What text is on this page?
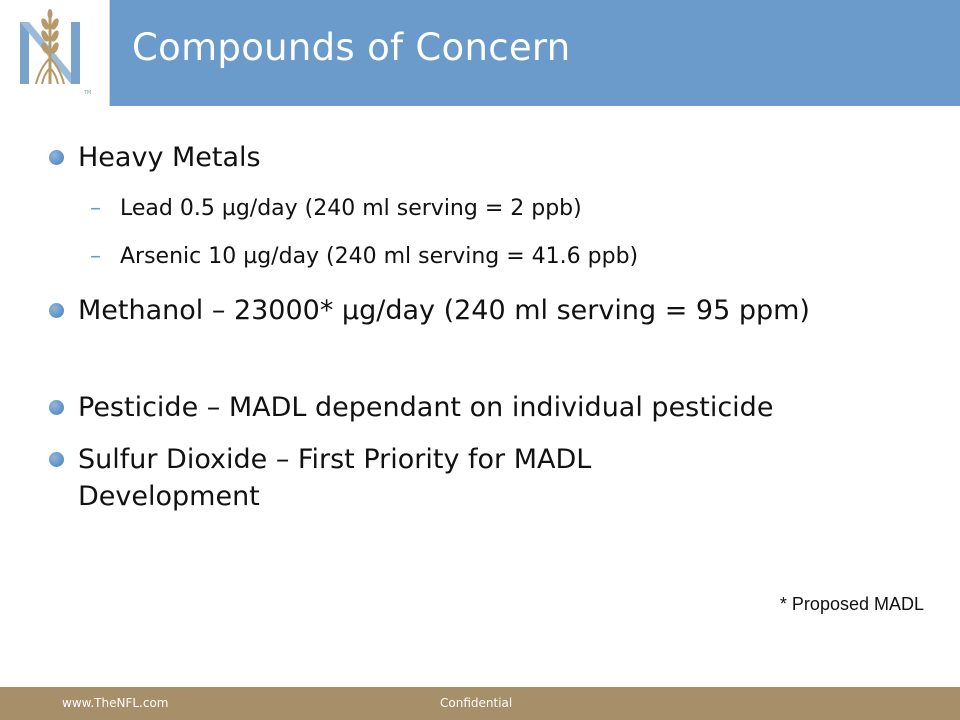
TM
Compounds of Concern
Heavy Metals
– Lead 0.5 µg/day (240 ml serving = 2 ppb)
– Arsenic 10 µg/day (240 ml serving = 41.6 ppb)
Methanol – 23000* µg/day (240 ml serving = 95 ppm)
Pesticide – MADL dependant on individual pesticide
Sulfur Dioxide – First Priority for MADL Development
* Proposed MADL
www.TheNFL.com	Confidential
